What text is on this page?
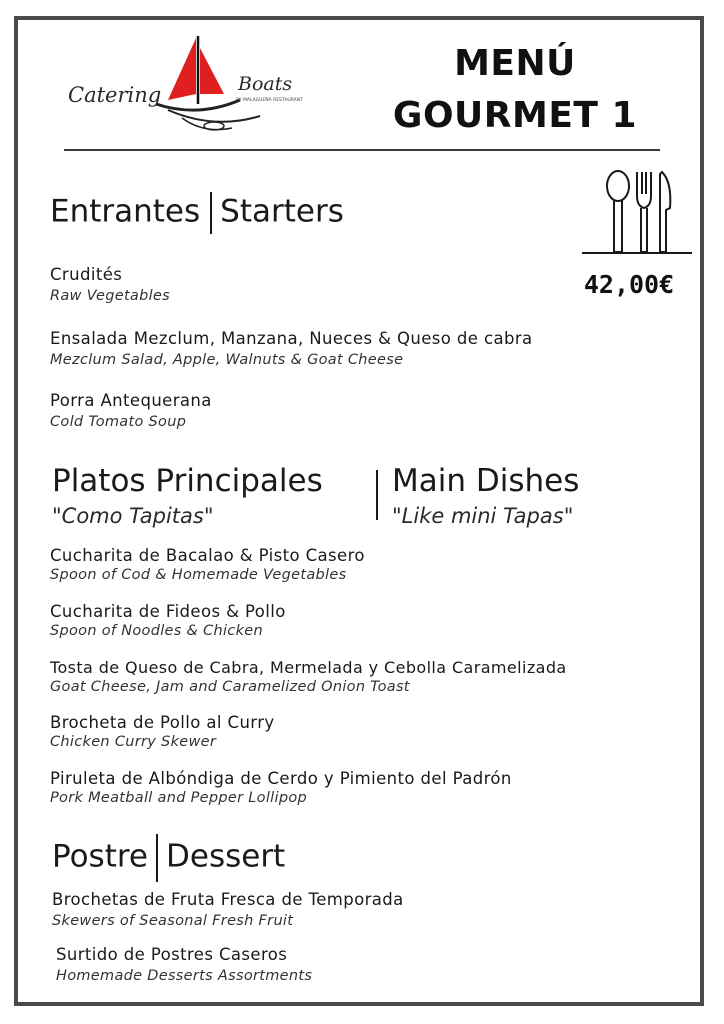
Catering	Boats
BY MALAGUEÑA RESTAURANT
MENÚ
GOURMET 1
42,00€
Entrantes Starters
Crudités
Raw Vegetables
Ensalada Mezclum, Manzana, Nueces & Queso de cabra
Mezclum Salad, Apple, Walnuts & Goat Cheese
Porra Antequerana
Cold Tomato Soup
Platos Principales Main Dishes
"Como Tapitas"	"Like mini Tapas"
Cucharita de Bacalao & Pisto Casero
Spoon of Cod & Homemade Vegetables
Cucharita de Fideos & Pollo
Spoon of Noodles & Chicken
Tosta de Queso de Cabra, Mermelada y Cebolla Caramelizada
Goat Cheese, Jam and Caramelized Onion Toast
Brocheta de Pollo al Curry
Chicken Curry Skewer
Piruleta de Albóndiga de Cerdo y Pimiento del Padrón
Pork Meatball and Pepper Lollipop
Postre Dessert
Brochetas de Fruta Fresca de Temporada
Skewers of Seasonal Fresh Fruit
Surtido de Postres Caseros
Homemade Desserts Assortments
